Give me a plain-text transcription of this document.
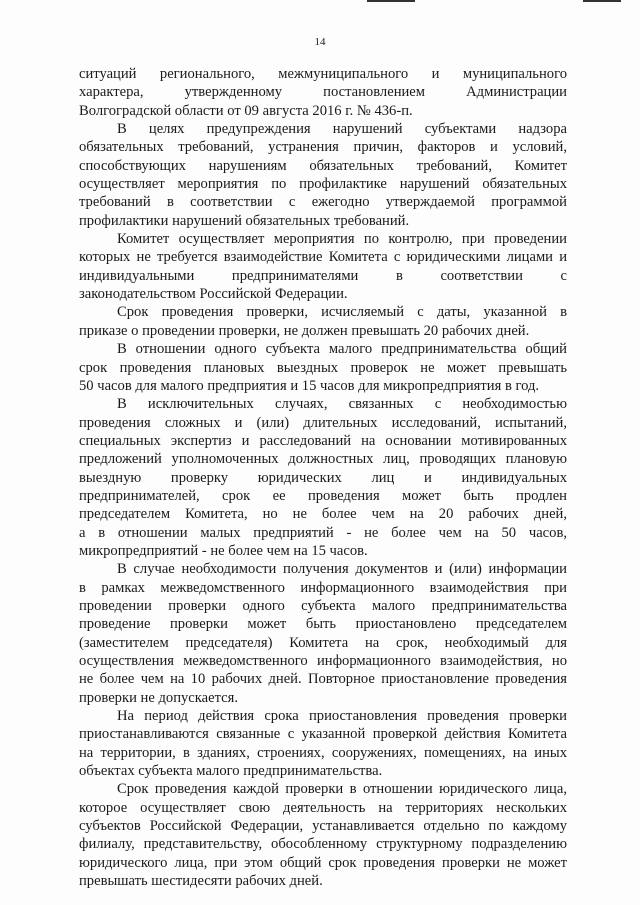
14
ситуаций регионального, межмуниципального и муниципального
характера, утвержденному постановлением Администрации
Волгоградской области от 09 августа 2016 г. № 436-п.
В целях предупреждения нарушений субъектами надзора
обязательных требований, устранения причин, факторов и условий,
способствующих нарушениям обязательных требований, Комитет
осуществляет мероприятия по профилактике нарушений обязательных
требований в соответствии с ежегодно утверждаемой программой
профилактики нарушений обязательных требований.
Комитет осуществляет мероприятия по контролю, при проведении
которых не требуется взаимодействие Комитета с юридическими лицами и
индивидуальными предпринимателями в соответствии с
законодательством Российской Федерации.
Срок проведения проверки, исчисляемый с даты, указанной в
приказе о проведении проверки, не должен превышать 20 рабочих дней.
В отношении одного субъекта малого предпринимательства общий
срок проведения плановых выездных проверок не может превышать
50 часов для малого предприятия и 15 часов для микропредприятия в год.
В исключительных случаях, связанных с необходимостью
проведения сложных и (или) длительных исследований, испытаний,
специальных экспертиз и расследований на основании мотивированных
предложений уполномоченных должностных лиц, проводящих плановую
выездную проверку юридических лиц и индивидуальных
предпринимателей, срок ее проведения может быть продлен
председателем Комитета, но не более чем на 20 рабочих дней,
а в отношении малых предприятий - не более чем на 50 часов,
микропредприятий - не более чем на 15 часов.
В случае необходимости получения документов и (или) информации
в рамках межведомственного информационного взаимодействия при
проведении проверки одного субъекта малого предпринимательства
проведение проверки может быть приостановлено председателем
(заместителем председателя) Комитета на срок, необходимый для
осуществления межведомственного информационного взаимодействия, но
не более чем на 10 рабочих дней. Повторное приостановление проведения
проверки не допускается.
На период действия срока приостановления проведения проверки
приостанавливаются связанные с указанной проверкой действия Комитета
на территории, в зданиях, строениях, сооружениях, помещениях, на иных
объектах субъекта малого предпринимательства.
Срок проведения каждой проверки в отношении юридического лица,
которое осуществляет свою деятельность на территориях нескольких
субъектов Российской Федерации, устанавливается отдельно по каждому
филиалу, представительству, обособленному структурному подразделению
юридического лица, при этом общий срок проведения проверки не может
превышать шестидесяти рабочих дней.
